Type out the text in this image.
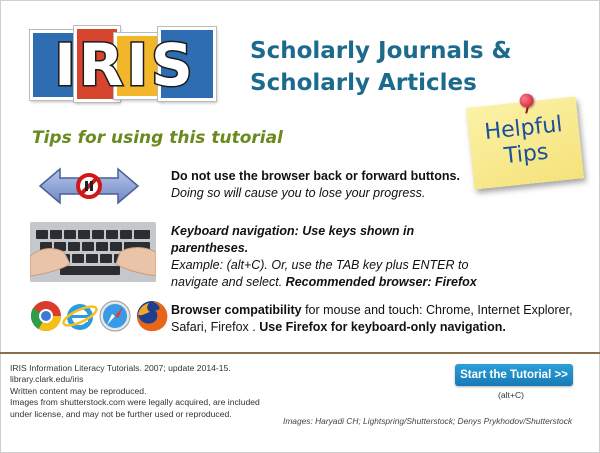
IRIS	Scholarly Journals &
Scholarly Articles
Helpful
Tips
Tips for using this tutorial
Do not use the browser back or forward buttons.
Doing so will cause you to lose your progress.
Keyboard navigation: Use keys shown in parentheses.
Example: (alt+C). Or, use the TAB key plus ENTER to navigate and select. Recommended browser: Firefox
Browser compatibility for mouse and touch: Chrome, Internet Explorer, Safari, Firefox . Use Firefox for keyboard-only navigation.
IRIS Information Literacy Tutorials. 2007; update 2014-15.
library.clark.edu/iris
Written content may be reproduced.
Images from shutterstock.com were legally acquired, are included
under license, and may not be further used or reproduced.
Start the Tutorial >>
(alt+C)
Images: Haryadi CH; Lightspring/Shutterstock; Denys Prykhodov/Shutterstock
